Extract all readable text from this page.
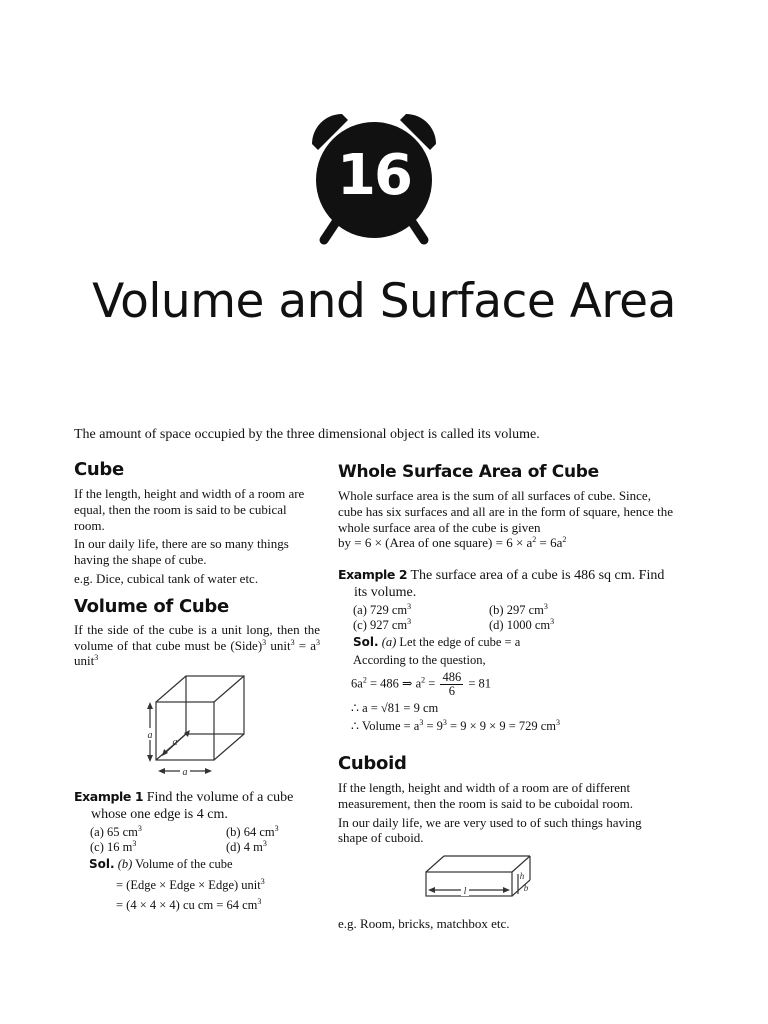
16
Volume and Surface Area
The amount of space occupied by the three dimensional object is called its volume.
Cube

If the length, height and width of a room are equal, then the room is said to be cubical room.

In our daily life, there are so many things having the shape of cube.

e.g. Dice, cubical tank of water etc.

Volume of Cube

If the side of the cube is a unit long, then the volume of that cube must be (Side)$^3$ unit$^3$ = $a^3$ unit$^3$

a
a
a
Example 1 Find the volume of a cube whose one edge is 4 cm.
(a) 65 $cm^3$	(b) 64 $cm^3$
(c) 16 $m^3$	(d) 4 $m^3$
Sol. (b) Volume of the cube
= (Edge × Edge × Edge) unit$^3$
= (4 × 4 × 4) cu cm = 64 $cm^3$
Whole Surface Area of Cube

Whole surface area is the sum of all surfaces of cube. Since, cube has six surfaces and all are in the form of square, hence the whole surface area of the cube is given

by = 6 × (Area of one square) = $6 \times a^2 = 6a^2$

Example 2 The surface area of a cube is 486 sq cm. Find its volume.
(a) 729 $cm^3$	(b) 297 $cm^3$
(c) 927 $cm^3$	(d) 1000 $cm^3$
Sol. (a) Let the edge of cube = a
According to the question,
$6a^2 = 486$ ⇒ $a^2 = \frac{486}{6} = 81$
∴ a = √81 = 9 cm
∴ Volume = $a^3 = 9^3 = 9 \times 9 \times 9 = 729$ $cm^3$
Cuboid

If the length, height and width of a room are of different measurement, then the room is said to be cuboidal room.

In our daily life, we are very used to of such things having shape of cuboid.

l
h
b
e.g. Room, bricks, matchbox etc.
